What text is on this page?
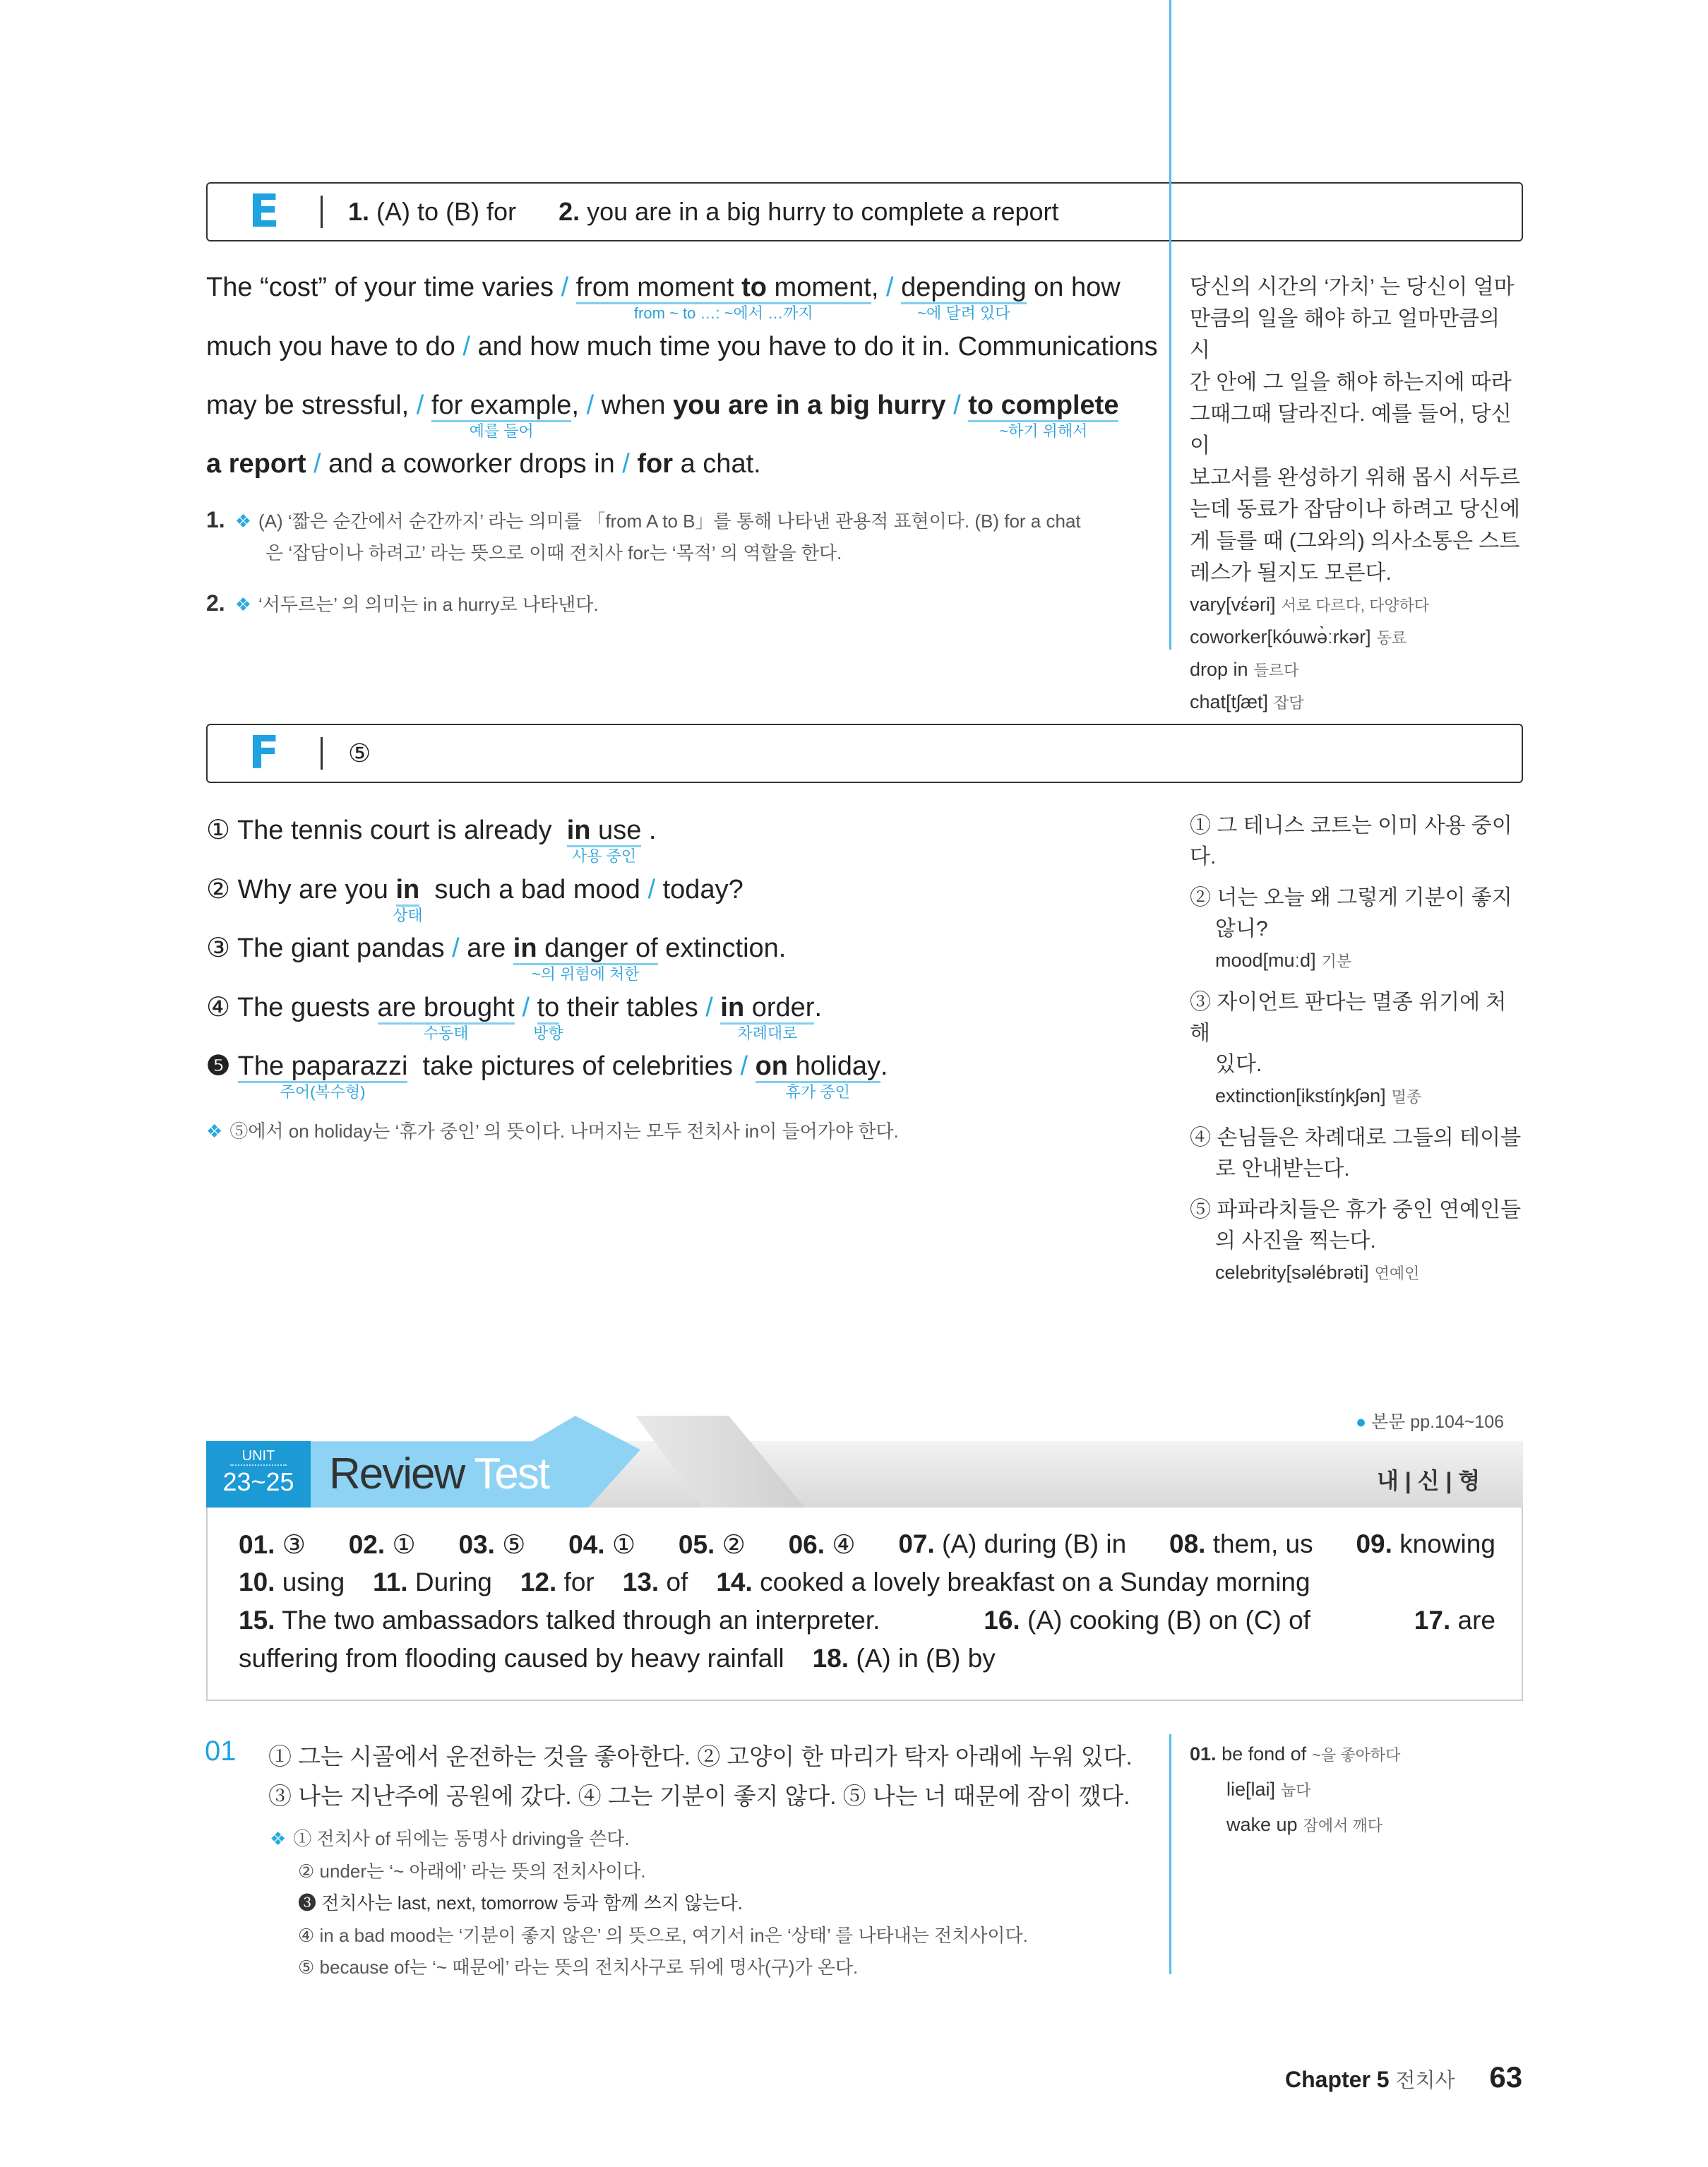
E	1. (A) to (B) for 2. you are in a big hurry to complete a report
The “cost” of your time varies / from moment to moment
from ~ to …: ~에서 …까지
, / depending
~에 달려 있다
on how
much you have to do / and how much time you have to do it in. Communications
may be stressful, / for example
예를 들어
, / when you are in a big hurry / to complete
~하기 위해서
a report / and a coworker drops in / for a chat.
1. ❖ (A) ‘짧은 순간에서 순간까지’ 라는 의미를 「from A to B」를 통해 나타낸 관용적 표현이다. (B) for a chat
은 ‘잡담이나 하려고’ 라는 뜻으로 이때 전치사 for는 ‘목적’ 의 역할을 한다.
2. ❖ ‘서두르는’ 의 의미는 in a hurry로 나타낸다.
당신의 시간의 ‘가치’ 는 당신이 얼마
만큼의 일을 해야 하고 얼마만큼의 시
간 안에 그 일을 해야 하는지에 따라
그때그때 달라진다. 예를 들어, 당신이
보고서를 완성하기 위해 몹시 서두르
는데 동료가 잡담이나 하려고 당신에
게 들를 때 (그와의) 의사소통은 스트
레스가 될지도 모른다.
vary[vέəri] 서로 다르다, 다양하다
coworker[kóuwə̀ːrkər] 동료
drop in 들르다
chat[tʃæt] 잡담
F	⑤
① The tennis court is already  in use
사용 중인
.
② Why are you in
상태
such a bad mood / today?
③ The giant pandas / are in danger of
~의 위험에 처한
extinction.
④ The guests are brought
수동태
/ to
방향
their tables / in order
차례대로
.
❺ The paparazzi
주어(복수형)
take pictures of celebrities / on holiday
휴가 중인
.
❖ ⑤에서 on holiday는 ‘휴가 중인’ 의 뜻이다. 나머지는 모두 전치사 in이 들어가야 한다.
① 그 테니스 코트는 이미 사용 중이다.
② 너는 오늘 왜 그렇게 기분이 좋지
않니?
mood[muːd] 기분
③ 자이언트 판다는 멸종 위기에 처해
있다.
extinction[ikstíŋkʃən] 멸종
④ 손님들은 차례대로 그들의 테이블
로 안내받는다.
⑤ 파파라치들은 휴가 중인 연예인들
의 사진을 찍는다.
celebrity[səlébrəti] 연예인
● 본문 pp.104~106
UNIT
23~25 Review Test	내 | 신 | 형
01. ③ 02. ① 03. ⑤ 04. ① 05. ② 06. ④ 07. (A) during (B) in 08. them, us 09. knowing
10. using 11. During 12. for 13. of 14. cooked a lovely breakfast on a Sunday morning
15. The two ambassadors talked through an interpreter.	16. (A) cooking (B) on (C) of	17. are
suffering from flooding caused by heavy rainfall 18. (A) in (B) by
01 ① 그는 시골에서 운전하는 것을 좋아한다. ② 고양이 한 마리가 탁자 아래에 누워 있다.
③ 나는 지난주에 공원에 갔다. ④ 그는 기분이 좋지 않다. ⑤ 나는 너 때문에 잠이 깼다.
❖ ① 전치사 of 뒤에는 동명사 driving을 쓴다.
② under는 ‘~ 아래에’ 라는 뜻의 전치사이다.
❸ 전치사는 last, next, tomorrow 등과 함께 쓰지 않는다.
④ in a bad mood는 ‘기분이 좋지 않은’ 의 뜻으로, 여기서 in은 ‘상태’ 를 나타내는 전치사이다.
⑤ because of는 ‘~ 때문에’ 라는 뜻의 전치사구로 뒤에 명사(구)가 온다.
01. be fond of ~을 좋아하다
lie[lai] 눕다
wake up 잠에서 깨다
Chapter 5 전치사 63
